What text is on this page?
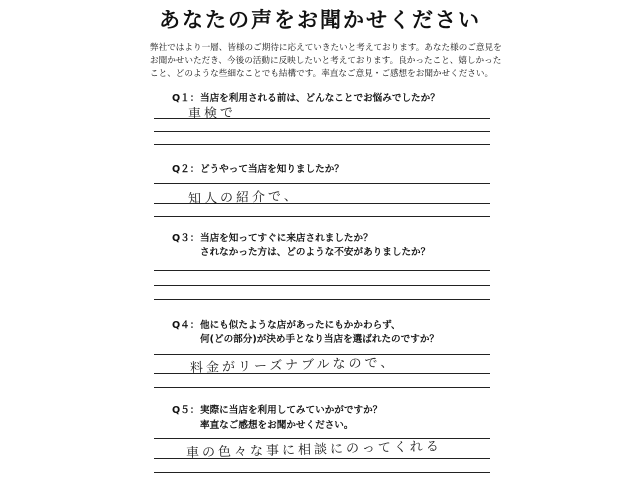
あなたの声をお聞かせください
弊社ではより一層、皆様のご期待に応えていきたいと考えております。あなた様のご意見を
お聞かせいただき、今後の活動に反映したいと考えております。良かったこと、嬉しかった
こと、どのような些細なことでも結構です。率直なご意見・ご感想をお聞かせください。
Q１：当店を利用される前は、どんなことでお悩みでしたか？
車検で
Q２：どうやって当店を知りましたか？
知人の紹介で、
Q３：当店を知ってすぐに来店されましたか？
されなかった方は、どのような不安がありましたか？
Q４：他にも似たような店があったにもかかわらず、
何(どの部分)が決め手となり当店を選ばれたのですか？
料金がリーズナブルなので、
Q５：実際に当店を利用してみていかがですか？
率直なご感想をお聞かせください。
車の色々な事に相談にのってくれる
